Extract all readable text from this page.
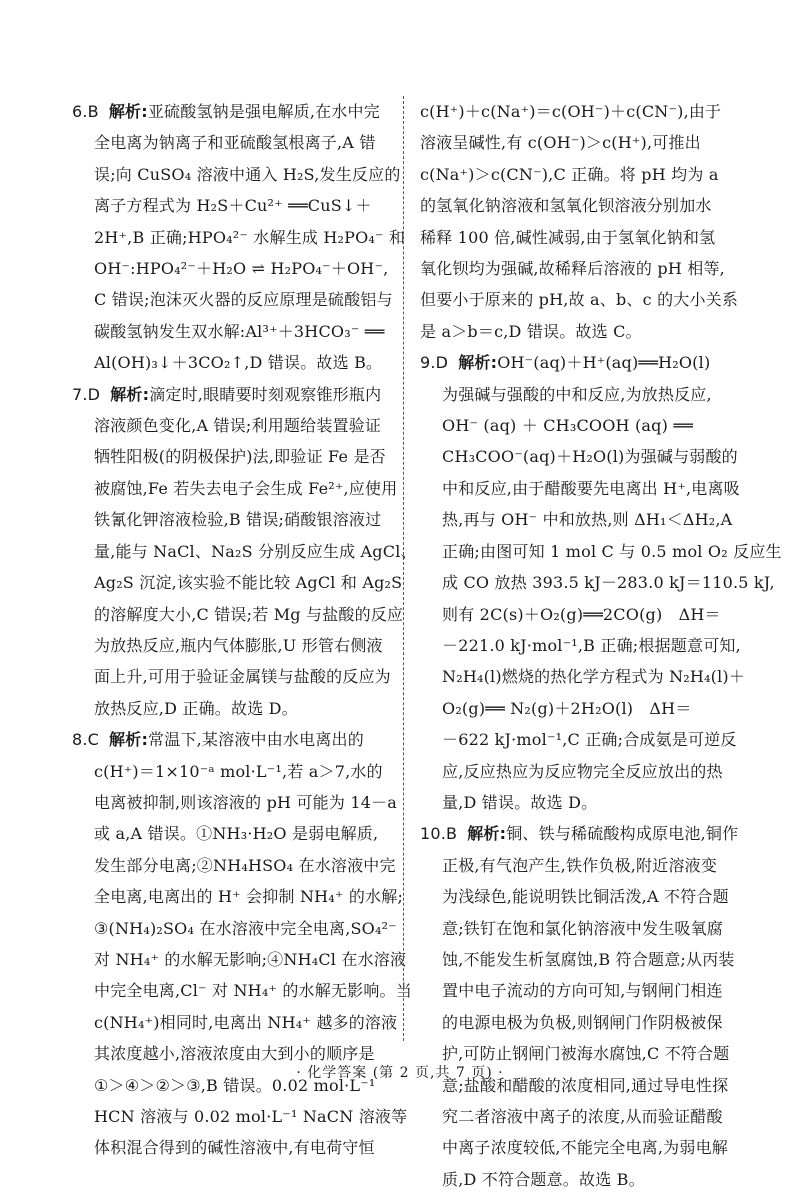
6.B 解析:亚硫酸氢钠是强电解质,在水中完
全电离为钠离子和亚硫酸氢根离子,A 错
误;向 CuSO₄ 溶液中通入 H₂S,发生反应的
离子方程式为 H₂S＋Cu²⁺ ══CuS↓＋
2H⁺,B 正确;HPO₄²⁻ 水解生成 H₂PO₄⁻ 和
OH⁻:HPO₄²⁻＋H₂O ⇌ H₂PO₄⁻＋OH⁻,
C 错误;泡沫灭火器的反应原理是硫酸铝与
碳酸氢钠发生双水解:Al³⁺＋3HCO₃⁻ ══
Al(OH)₃↓＋3CO₂↑,D 错误。故选 B。
7.D 解析:滴定时,眼睛要时刻观察锥形瓶内
溶液颜色变化,A 错误;利用题给装置验证
牺牲阳极(的阴极保护)法,即验证 Fe 是否
被腐蚀,Fe 若失去电子会生成 Fe²⁺,应使用
铁氰化钾溶液检验,B 错误;硝酸银溶液过
量,能与 NaCl、Na₂S 分别反应生成 AgCl、
Ag₂S 沉淀,该实验不能比较 AgCl 和 Ag₂S
的溶解度大小,C 错误;若 Mg 与盐酸的反应
为放热反应,瓶内气体膨胀,U 形管右侧液
面上升,可用于验证金属镁与盐酸的反应为
放热反应,D 正确。故选 D。
8.C 解析:常温下,某溶液中由水电离出的
c(H⁺)＝1×10⁻ᵃ mol·L⁻¹,若 a＞7,水的
电离被抑制,则该溶液的 pH 可能为 14－a
或 a,A 错误。①NH₃·H₂O 是弱电解质,
发生部分电离;②NH₄HSO₄ 在水溶液中完
全电离,电离出的 H⁺ 会抑制 NH₄⁺ 的水解;
③(NH₄)₂SO₄ 在水溶液中完全电离,SO₄²⁻
对 NH₄⁺ 的水解无影响;④NH₄Cl 在水溶液
中完全电离,Cl⁻ 对 NH₄⁺ 的水解无影响。当
c(NH₄⁺)相同时,电离出 NH₄⁺ 越多的溶液
其浓度越小,溶液浓度由大到小的顺序是
①＞④＞②＞③,B 错误。0.02 mol·L⁻¹
HCN 溶液与 0.02 mol·L⁻¹ NaCN 溶液等
体积混合得到的碱性溶液中,有电荷守恒
c(H⁺)＋c(Na⁺)＝c(OH⁻)＋c(CN⁻),由于
溶液呈碱性,有 c(OH⁻)＞c(H⁺),可推出
c(Na⁺)＞c(CN⁻),C 正确。将 pH 均为 a
的氢氧化钠溶液和氢氧化钡溶液分别加水
稀释 100 倍,碱性减弱,由于氢氧化钠和氢
氧化钡均为强碱,故稀释后溶液的 pH 相等,
但要小于原来的 pH,故 a、b、c 的大小关系
是 a＞b＝c,D 错误。故选 C。
9.D 解析:OH⁻(aq)＋H⁺(aq)══H₂O(l)
为强碱与强酸的中和反应,为放热反应,
OH⁻ (aq) ＋ CH₃COOH (aq) ══
CH₃COO⁻(aq)＋H₂O(l)为强碱与弱酸的
中和反应,由于醋酸要先电离出 H⁺,电离吸
热,再与 OH⁻ 中和放热,则 ΔH₁＜ΔH₂,A
正确;由图可知 1 mol C 与 0.5 mol O₂ 反应生
成 CO 放热 393.5 kJ－283.0 kJ＝110.5 kJ,
则有 2C(s)＋O₂(g)══2CO(g)　ΔH＝
－221.0 kJ·mol⁻¹,B 正确;根据题意可知,
N₂H₄(l)燃烧的热化学方程式为 N₂H₄(l)＋
O₂(g)══ N₂(g)＋2H₂O(l)　ΔH＝
－622 kJ·mol⁻¹,C 正确;合成氨是可逆反
应,反应热应为反应物完全反应放出的热
量,D 错误。故选 D。
10.B 解析:铜、铁与稀硫酸构成原电池,铜作
正极,有气泡产生,铁作负极,附近溶液变
为浅绿色,能说明铁比铜活泼,A 不符合题
意;铁钉在饱和氯化钠溶液中发生吸氧腐
蚀,不能发生析氢腐蚀,B 符合题意;从丙装
置中电子流动的方向可知,与钢闸门相连
的电源电极为负极,则钢闸门作阴极被保
护,可防止钢闸门被海水腐蚀,C 不符合题
意;盐酸和醋酸的浓度相同,通过导电性探
究二者溶液中离子的浓度,从而验证醋酸
中离子浓度较低,不能完全电离,为弱电解
质,D 不符合题意。故选 B。
· 化学答案 (第 2 页,共 7 页) ·
